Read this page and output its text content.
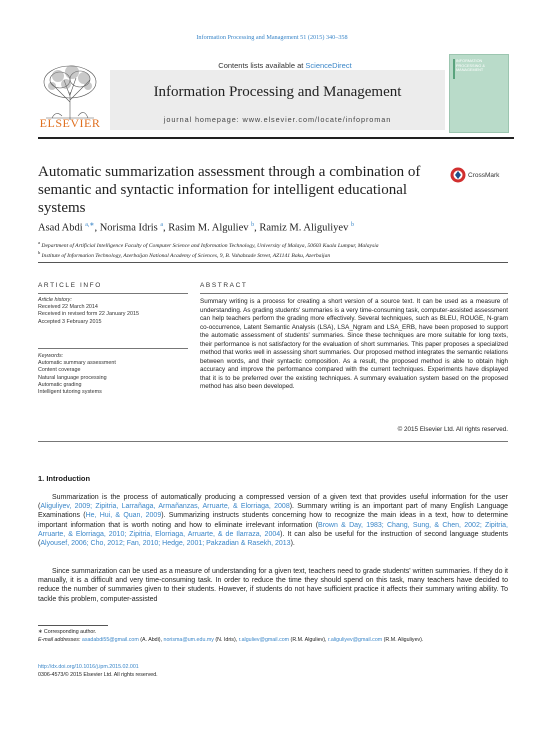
Information Processing and Management 51 (2015) 340–358
Contents lists available at ScienceDirect
Information Processing and Management
journal homepage: www.elsevier.com/locate/infoproman
ELSEVIER
INFORMATION PROCESSING & MANAGEMENT
Automatic summarization assessment through a combination of semantic and syntactic information for intelligent educational systems
CrossMark
Asad Abdi $^{a,∗}$, Norisma Idris $^a$, Rasim M. Alguliev $^b$, Ramiz M. Aliguliyev $^b$
$^a$ Department of Artificial Intelligence Faculty of Computer Science and Information Technology, University of Malaya, 50603 Kuala Lumpur, Malaysia
$^b$ Institute of Information Technology, Azerbaijan National Academy of Sciences, 9, B. Vahabzade Street, AZ1141 Baku, Azerbaijan
ARTICLE INFO
Article history:
Received 22 March 2014
Received in revised form 22 January 2015
Accepted 3 February 2015
Keywords:
Automatic summary assessment
Content coverage
Natural language processing
Automatic grading
Intelligent tutoring systems
ABSTRACT
Summary writing is a process for creating a short version of a source text. It can be used as a measure of understanding. As grading students' summaries is a very time-consuming task, computer-assisted assessment can help teachers perform the grading more effectively. Several techniques, such as BLEU, ROUGE, N-gram co-occurrence, Latent Semantic Analysis (LSA), LSA_Ngram and LSA_ERB, have been proposed to support the automatic assessment of students' summaries. Since these techniques are more suitable for long texts, their performance is not satisfactory for the evaluation of short summaries. This paper proposes a specialized method that works well in assessing short summaries. Our proposed method integrates the semantic relations between words, and their syntactic composition. As a result, the proposed method is able to obtain high accuracy and improve the performance compared with the current techniques. Experiments have displayed that it is to be preferred over the existing techniques. A summary evaluation system based on the proposed method has also been developed.
© 2015 Elsevier Ltd. All rights reserved.
1. Introduction
Summarization is the process of automatically producing a compressed version of a given text that provides useful information for the user (Aliguliyev, 2009; Zipitria, Larrañaga, Armañanzas, Arruarte, & Elorriaga, 2008). Summary writing is an important part of many English Language Examinations (He, Hui, & Quan, 2009). Summarizing instructs students concerning how to recognize the main ideas in a text, how to determine important information that is worth noting and how to eliminate irrelevant information (Brown & Day, 1983; Chang, Sung, & Chen, 2002; Zipitria, Arruarte, & Elorriaga, 2010; Zipitria, Elorriaga, Arruarte, & de Ilarraza, 2004). It can also be useful for the instruction of second language students (Alyousef, 2006; Cho, 2012; Fan, 2010; Hedge, 2001; Pakzadian & Rasekh, 2013).
Since summarization can be used as a measure of understanding for a given text, teachers need to grade students' written summaries. If they do it manually, it is a difficult and very time-consuming task. In order to reduce the time they should spend on this task, many teachers have decided to reduce the number of summaries given to their students. However, if students do not have sufficient practice it affects their summary writing ability. To tackle this problem, computer-assisted
∗ Corresponding author.
E-mail addresses: asadabdi55@gmail.com (A. Abdi), norisma@um.edu.my (N. Idris), r.alguliev@gmail.com (R.M. Alguliev), r.aliguliyev@gmail.com (R.M. Aliguliyev).
http://dx.doi.org/10.1016/j.ipm.2015.02.001
0306-4573/© 2015 Elsevier Ltd. All rights reserved.
